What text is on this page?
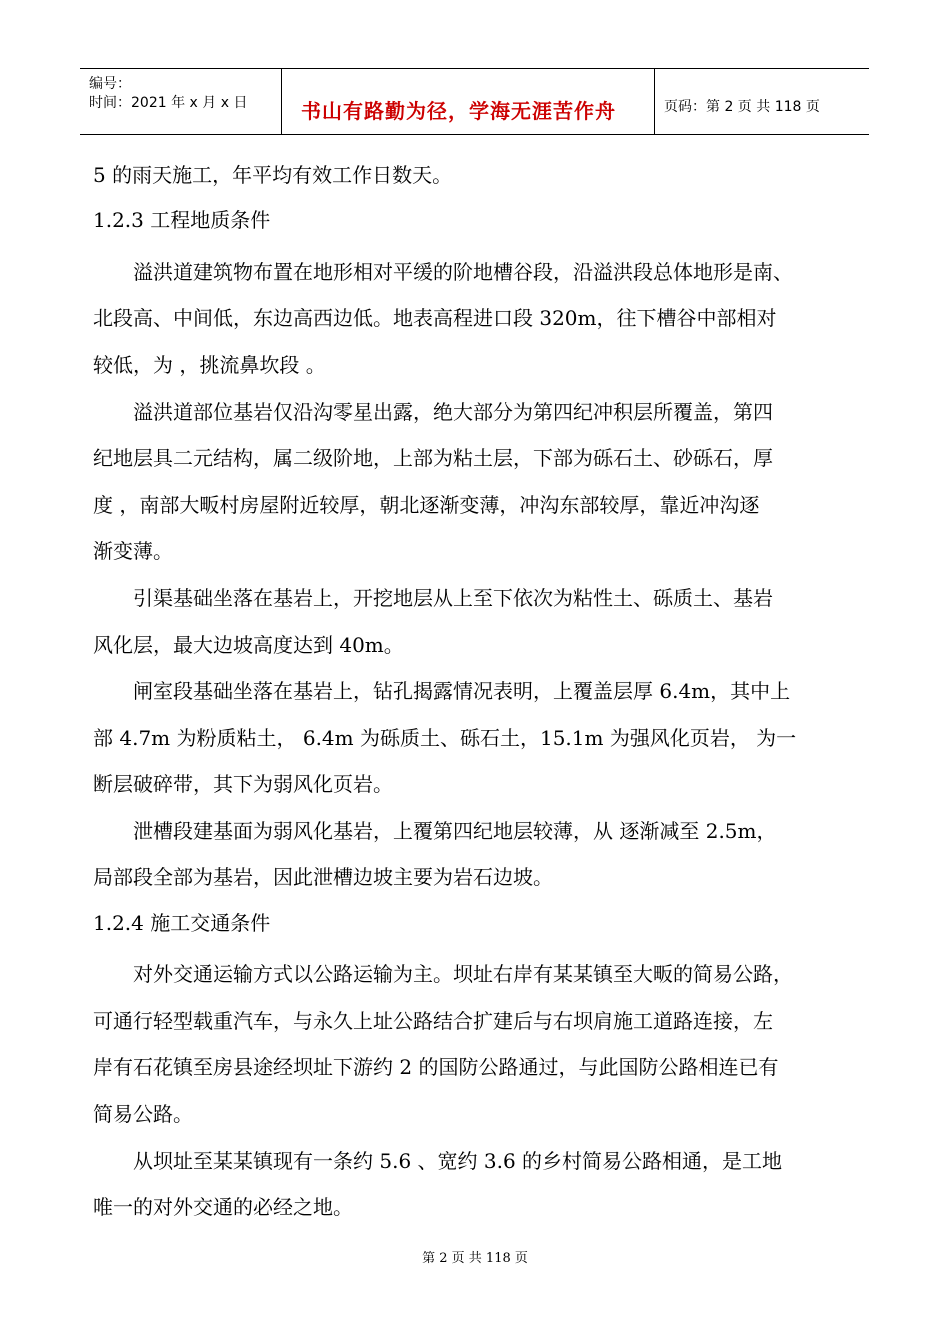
编号：
时间：2021 年 x 月 x 日	书山有路勤为径，学海无涯苦作舟	页码：第 2 页 共 118 页
5 的雨天施工，年平均有效工作日数天。
1.2.3 工程地质条件
　　溢洪道建筑物布置在地形相对平缓的阶地槽谷段，沿溢洪段总体地形是南、
北段高、中间低，东边高西边低。地表高程进口段 320m，往下槽谷中部相对
较低，为 ，挑流鼻坎段 。
　　溢洪道部位基岩仅沿沟零星出露，绝大部分为第四纪冲积层所覆盖，第四
纪地层具二元结构，属二级阶地，上部为粘土层，下部为砾石土、砂砾石，厚
度 ，南部大畈村房屋附近较厚，朝北逐渐变薄，冲沟东部较厚，靠近冲沟逐
渐变薄。
　　引渠基础坐落在基岩上，开挖地层从上至下依次为粘性土、砾质土、基岩
风化层，最大边坡高度达到 40m。
　　闸室段基础坐落在基岩上，钻孔揭露情况表明，上覆盖层厚 6.4m，其中上
部 4.7m 为粉质粘土， 6.4m 为砾质土、砾石土，15.1m 为强风化页岩， 为一
断层破碎带，其下为弱风化页岩。
　　泄槽段建基面为弱风化基岩，上覆第四纪地层较薄，从 逐渐减至 2.5m，
局部段全部为基岩，因此泄槽边坡主要为岩石边坡。
1.2.4 施工交通条件
　　对外交通运输方式以公路运输为主。坝址右岸有某某镇至大畈的简易公路，
可通行轻型载重汽车，与永久上址公路结合扩建后与右坝肩施工道路连接，左
岸有石花镇至房县途经坝址下游约 2 的国防公路通过，与此国防公路相连已有
简易公路。
　　从坝址至某某镇现有一条约 5.6 、宽约 3.6 的乡村简易公路相通，是工地
唯一的对外交通的必经之地。
第 2 页 共 118 页
